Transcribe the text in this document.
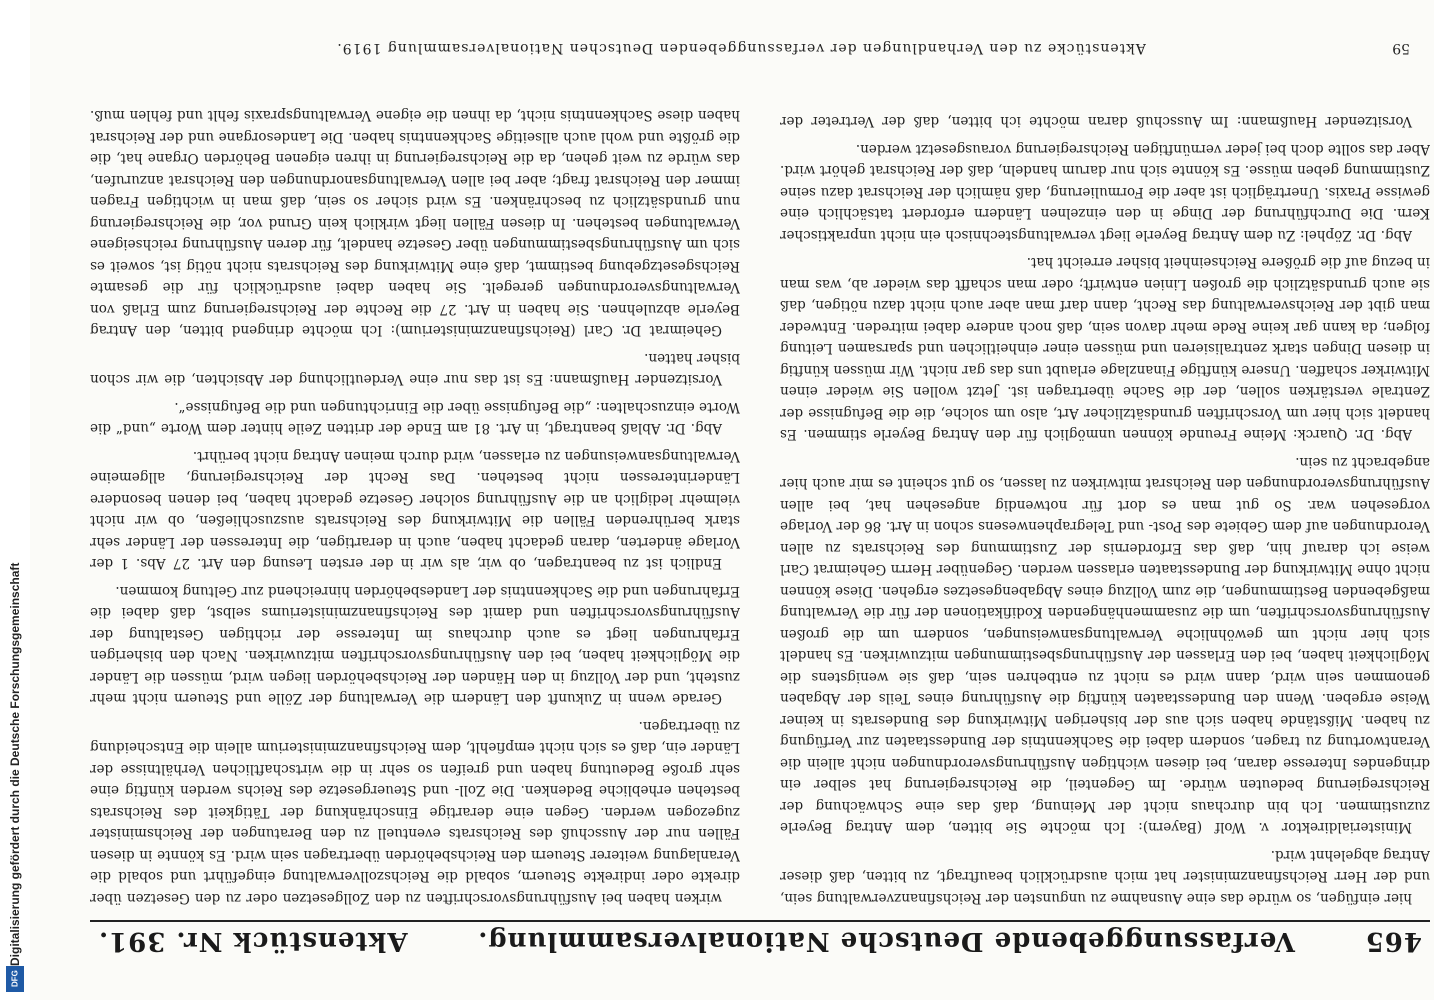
Digitalisierung gefördert durch die Deutsche Forschungsgemeinschaft
DFG
465
Verfassunggebende Deutsche Nationalversammlung.
Aktenstück Nr. 391.

hier einfügen, so würde das eine Ausnahme zu ungunsten der Reichsfinanzverwaltung sein, und der Herr Reichsfinanzminister hat mich ausdrücklich beauftragt, zu bitten, daß dieser Antrag abgelehnt wird.

Ministerialdirektor v. Wolf (Bayern): Ich möchte Sie bitten, dem Antrag Beyerle zuzustimmen. Ich bin durchaus nicht der Meinung, daß das eine Schwächung der Reichsregierung bedeuten würde. Im Gegenteil, die Reichsregierung hat selber ein dringendes Interesse daran, bei diesen wichtigen Ausführungsverordnungen nicht allein die Verantwortung zu tragen, sondern dabei die Sachkenntnis der Bundesstaaten zur Verfügung zu haben. Mißstände haben sich aus der bisherigen Mitwirkung des Bundesrats in keiner Weise ergeben. Wenn den Bundesstaaten künftig die Ausführung eines Teils der Abgaben genommen sein wird, dann wird es nicht zu entbehren sein, daß sie wenigstens die Möglichkeit haben, bei den Erlassen der Ausführungsbestimmungen mitzuwirken. Es handelt sich hier nicht um gewöhnliche Verwaltungsanweisungen, sondern um die großen Ausführungsvorschriften, um die zusammenhängenden Kodifikationen der für die Verwaltung maßgebenden Bestimmungen, die zum Vollzug eines Abgabengesetzes ergehen. Diese können nicht ohne Mitwirkung der Bundesstaaten erlassen werden. Gegenüber Herrn Geheimrat Carl weise ich darauf hin, daß das Erfordernis der Zustimmung des Reichsrats zu allen Verordnungen auf dem Gebiete des Post- und Telegraphenwesens schon in Art. 86 der Vorlage vorgesehen war. So gut man es dort für notwendig angesehen hat, bei allen Ausführungsverordnungen den Reichsrat mitwirken zu lassen, so gut scheint es mir auch hier angebracht zu sein.

Abg. Dr. Quarck: Meine Freunde können unmöglich für den Antrag Beyerle stimmen. Es handelt sich hier um Vorschriften grundsätzlicher Art, also um solche, die die Befugnisse der Zentrale verstärken sollen, der die Sache übertragen ist. Jetzt wollen Sie wieder einen Mitwirker schaffen. Unsere künftige Finanzlage erlaubt uns das gar nicht. Wir müssen künftig in diesen Dingen stark zentralisieren und müssen einer einheitlichen und sparsamen Leitung folgen; da kann gar keine Rede mehr davon sein, daß noch andere dabei mitreden. Entweder man gibt der Reichsverwaltung das Recht, dann darf man aber auch nicht dazu nötigen, daß sie auch grundsätzlich die großen Linien entwirft; oder man schafft das wieder ab, was man in bezug auf die größere Reichseinheit bisher erreicht hat.

Abg. Dr. Zöphel: Zu dem Antrag Beyerle liegt verwaltungstechnisch ein nicht unpraktischer Kern. Die Durchführung der Dinge in den einzelnen Ländern erfordert tatsächlich eine gewisse Praxis. Unerträglich ist aber die Formulierung, daß nämlich der Reichsrat dazu seine Zustimmung geben müsse. Es könnte sich nur darum handeln, daß der Reichsrat gehört wird. Aber das sollte doch bei jeder vernünftigen Reichsregierung vorausgesetzt werden.

Vorsitzender Haußmann: Im Ausschuß daran möchte ich bitten, daß der Vertreter der

wirken haben bei Ausführungsvorschriften zu den Zollgesetzen oder zu den Gesetzen über direkte oder indirekte Steuern, sobald die Reichszollverwaltung eingeführt und sobald die Veranlagung weiterer Steuern den Reichsbehörden übertragen sein wird. Es könnte in diesen Fällen nur der Ausschuß des Reichsrats eventuell zu den Beratungen der Reichsminister zugezogen werden. Gegen eine derartige Einschränkung der Tätigkeit des Reichsrats bestehen erhebliche Bedenken. Die Zoll- und Steuergesetze des Reichs werden künftig eine sehr große Bedeutung haben und greifen so sehr in die wirtschaftlichen Verhältnisse der Länder ein, daß es sich nicht empfiehlt, dem Reichsfinanzministerium allein die Entscheidung zu übertragen.

Gerade wenn in Zukunft den Ländern die Verwaltung der Zölle und Steuern nicht mehr zusteht, und der Vollzug in den Händen der Reichsbehörden liegen wird, müssen die Länder die Möglichkeit haben, bei den Ausführungsvorschriften mitzuwirken. Nach den bisherigen Erfahrungen liegt es auch durchaus im Interesse der richtigen Gestaltung der Ausführungsvorschriften und damit des Reichsfinanzministeriums selbst, daß dabei die Erfahrungen und die Sachkenntnis der Landesbehörden hinreichend zur Geltung kommen.

Endlich ist zu beantragen, ob wir, als wir in der ersten Lesung den Art. 27 Abs. 1 der Vorlage änderten, daran gedacht haben, auch in derartigen, die Interessen der Länder sehr stark berührenden Fällen die Mitwirkung des Reichsrats auszuschließen, ob wir nicht vielmehr lediglich an die Ausführung solcher Gesetze gedacht haben, bei denen besondere Länderinteressen nicht bestehen. Das Recht der Reichsregierung, allgemeine Verwaltungsanweisungen zu erlassen, wird durch meinen Antrag nicht berührt.

Abg. Dr. Ablaß beantragt, in Art. 81 am Ende der dritten Zeile hinter dem Worte „und“ die Worte einzuschalten: „die Befugnisse über die Einrichtungen und die Befugnisse“.

Vorsitzender Haußmann: Es ist das nur eine Verdeutlichung der Absichten, die wir schon bisher hatten.

Geheimrat Dr. Carl (Reichsfinanzministerium): Ich möchte dringend bitten, den Antrag Beyerle abzulehnen. Sie haben in Art. 27 die Rechte der Reichsregierung zum Erlaß von Verwaltungsverordnungen geregelt. Sie haben dabei ausdrücklich für die gesamte Reichsgesetzgebung bestimmt, daß eine Mitwirkung des Reichsrats nicht nötig ist, soweit es sich um Ausführungsbestimmungen über Gesetze handelt, für deren Ausführung reichseigene Verwaltungen bestehen. In diesen Fällen liegt wirklich kein Grund vor, die Reichsregierung nun grundsätzlich zu beschränken. Es wird sicher so sein, daß man in wichtigen Fragen immer den Reichsrat fragt; aber bei allen Verwaltungsanordnungen den Reichsrat anzurufen, das würde zu weit gehen, da die Reichsregierung in ihren eigenen Behörden Organe hat, die die größte und wohl auch allseitige Sachkenntnis haben. Die Landesorgane und der Reichsrat haben diese Sachkenntnis nicht, da ihnen die eigene Verwaltungspraxis fehlt und fehlen muß.

59
Aktenstücke zu den Verhandlungen der verfassunggebenden Deutschen Nationalversammlung 1919.
